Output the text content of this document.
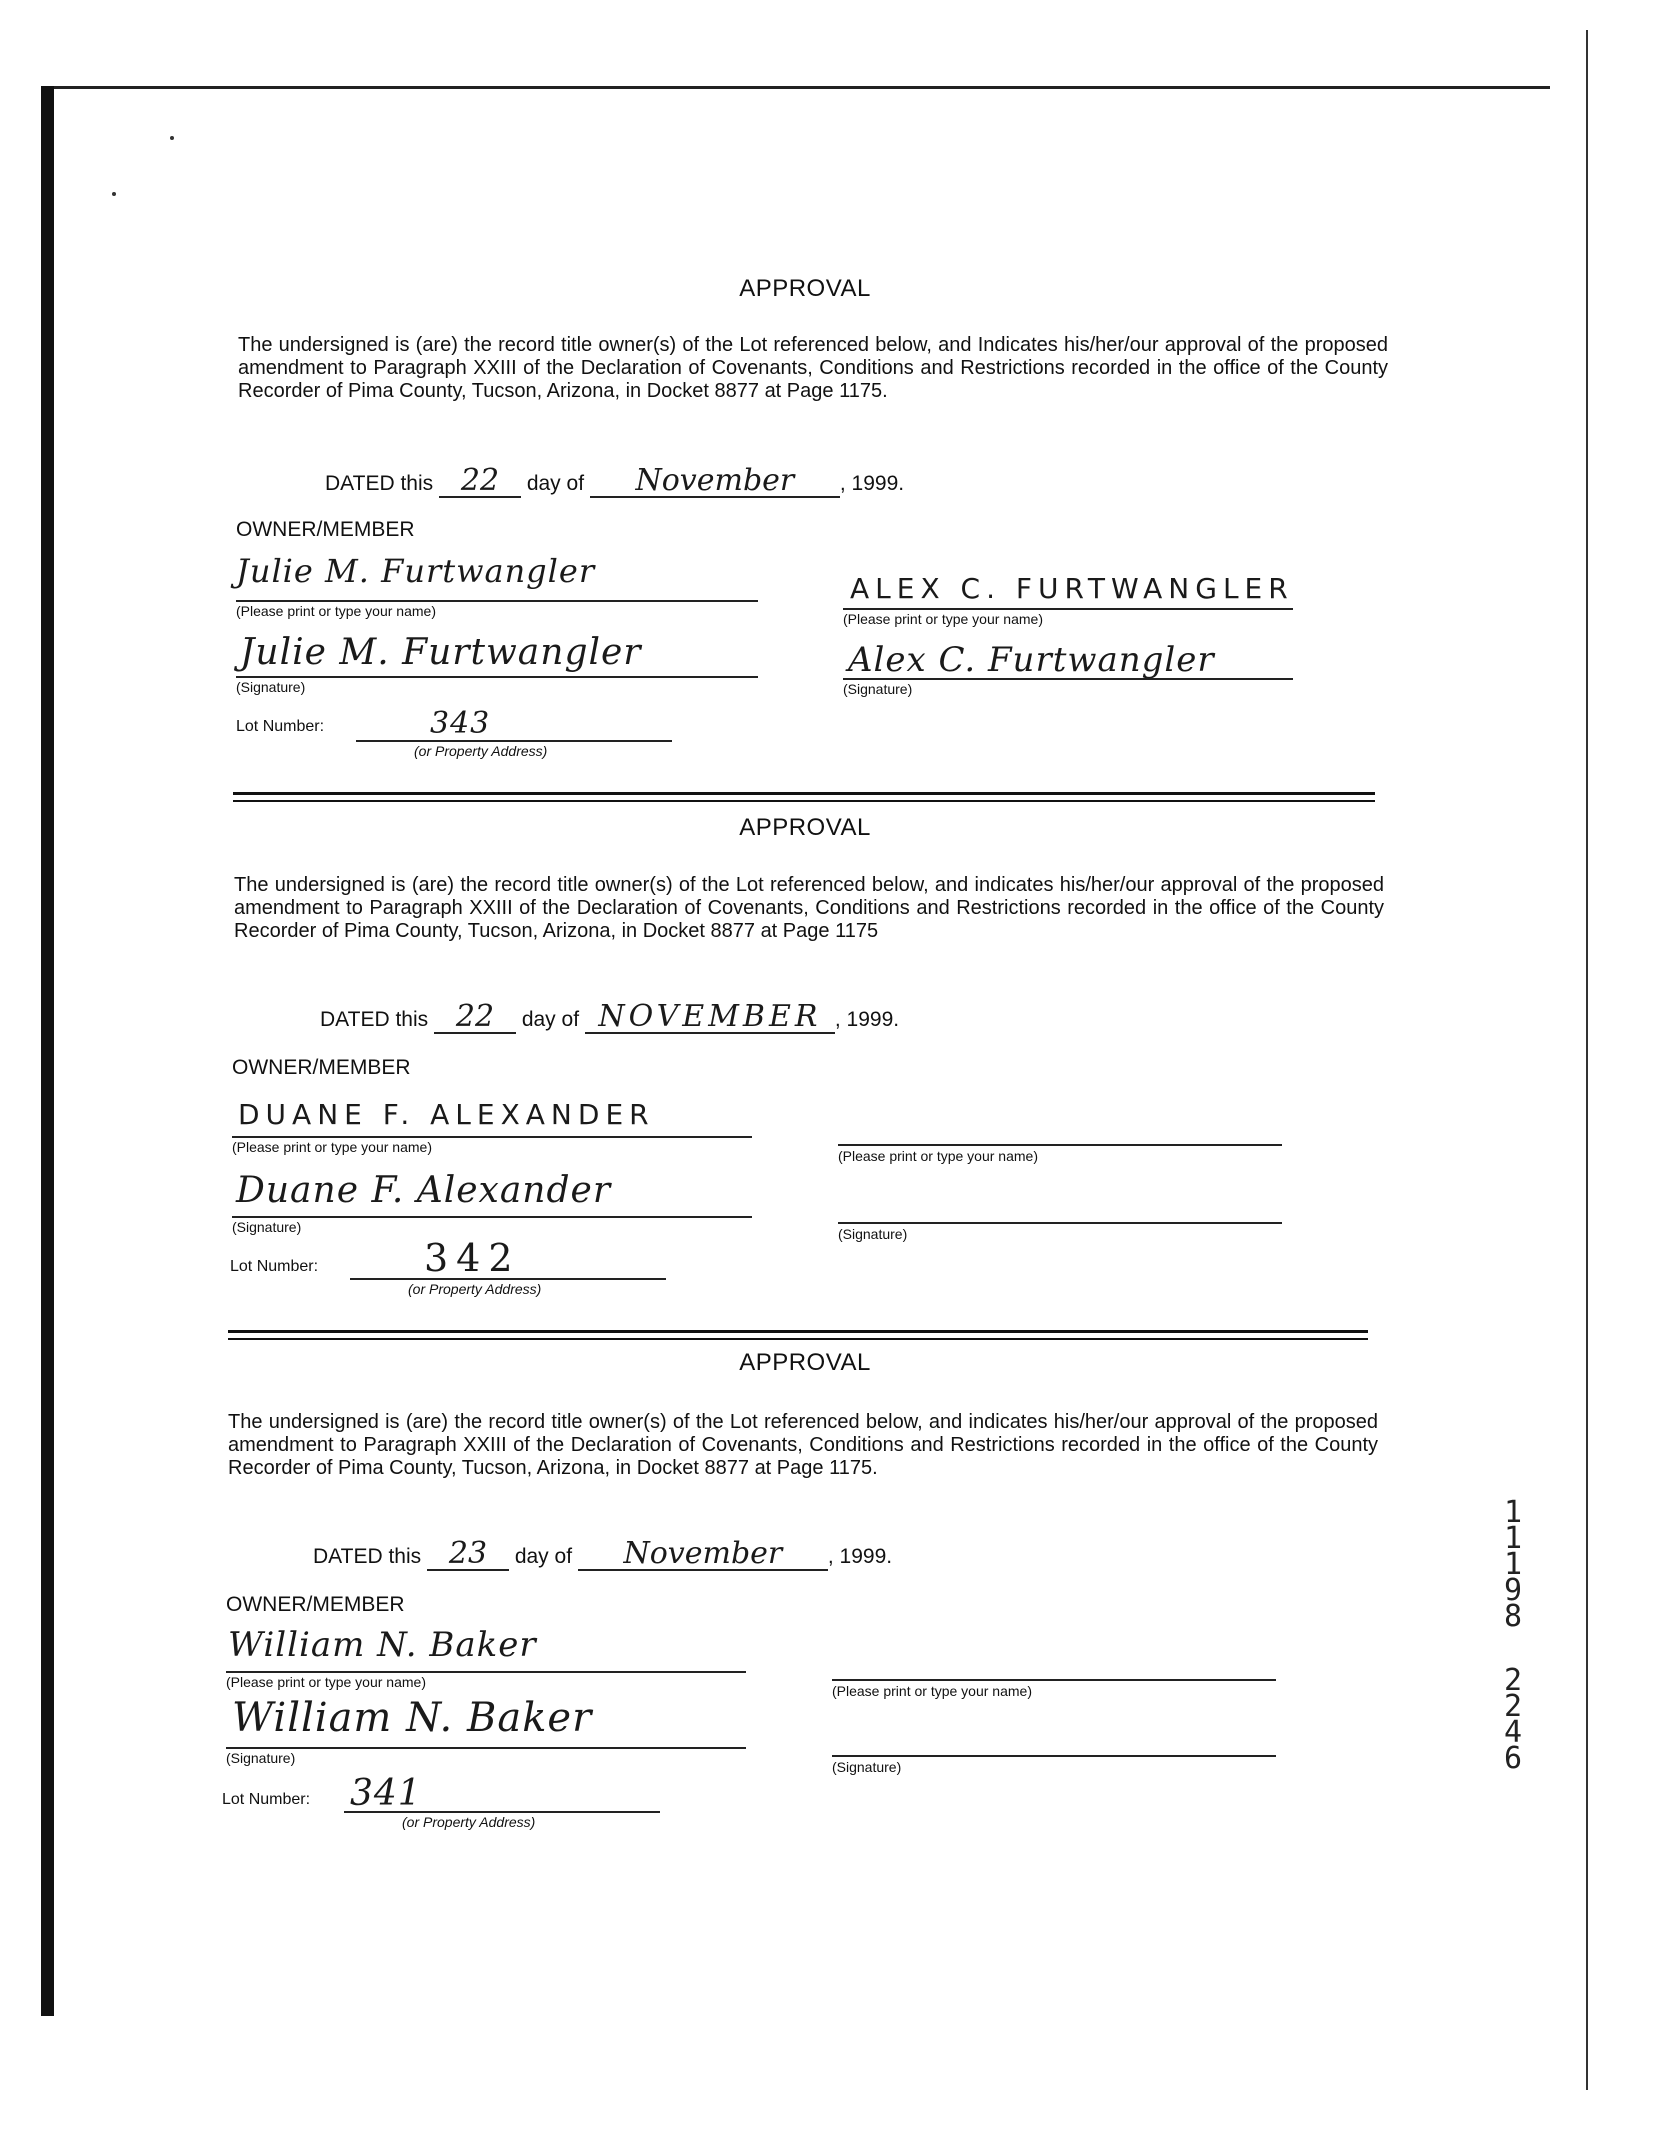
APPROVAL

The undersigned is (are) the record title owner(s) of the Lot referenced below, and Indicates his/her/our approval of the proposed amendment to Paragraph XXIII of the Declaration of Covenants, Conditions and Restrictions recorded in the office of the County Recorder of Pima County, Tucson, Arizona, in Docket 8877 at Page 1175.

DATED this 22 day of November , 1999.
OWNER/MEMBER
Julie M. Furtwangler
(Please print or type your name)
Julie M. Furtwangler
(Signature)
ALEX C. FURTWANGLER
(Please print or type your name)
Alex C. Furtwangler
(Signature)
Lot Number:	343
(or Property Address)
APPROVAL

The undersigned is (are) the record title owner(s) of the Lot referenced below, and indicates his/her/our approval of the proposed amendment to Paragraph XXIII of the Declaration of Covenants, Conditions and Restrictions recorded in the office of the County Recorder of Pima County, Tucson, Arizona, in Docket 8877 at Page 1175

DATED this 22 day of NOVEMBER , 1999.
OWNER/MEMBER
DUANE F. ALEXANDER
(Please print or type your name)
Duane F. Alexander
(Signature)
(Please print or type your name)
(Signature)
Lot Number:	342
(or Property Address)
APPROVAL

The undersigned is (are) the record title owner(s) of the Lot referenced below, and indicates his/her/our approval of the proposed amendment to Paragraph XXIII of the Declaration of Covenants, Conditions and Restrictions recorded in the office of the County Recorder of Pima County, Tucson, Arizona, in Docket 8877 at Page 1175.

DATED this 23 day of November , 1999.
OWNER/MEMBER
William N. Baker
(Please print or type your name)
William N. Baker
(Signature)
(Please print or type your name)
(Signature)
Lot Number: 341
(or Property Address)
1
1
1
9
8
2
2
4
6
